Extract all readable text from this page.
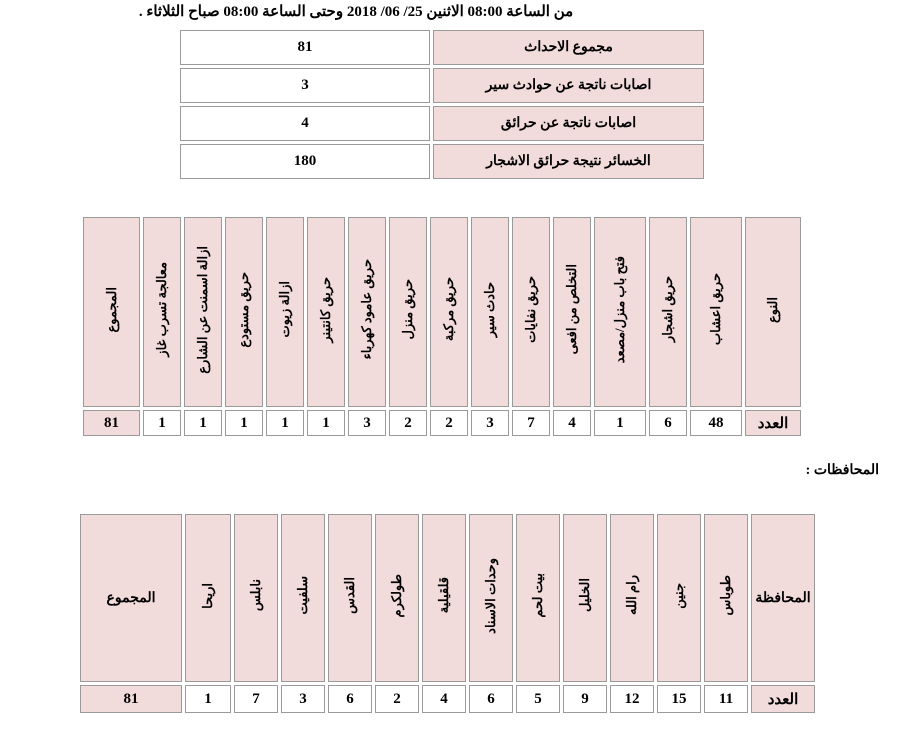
من الساعة 08:00 الاثنين 25/ 06/ 2018 وحتى الساعة 08:00 صباح الثلاثاء .
81	مجموع الاحداث
3	اصابات ناتجة عن حوادث سير
4	اصابات ناتجة عن حرائق
180	الخسائر نتيجة حرائق الاشجار
المجموع	معالجة تسرب غاز	ازالة اسمنت عن الشارع	حريق مستودع	ازالة زيوت	حريق كانتينر	حريق عامود كهرباء	حريق منزل	حريق مركبة	حادث سير	حريق نفايات	التخلص من افعى	فتح باب منزل/مصعد	حريق اشجار	حريق اعشاب	النوع
81	1	1	1	1	1	3	2	2	3	7	4	1	6	48	العدد
المحافظات :
المجموع	اريحا	نابلس	سلفيت	القدس	طولكرم	قلقيلية	وحدات الاسناد	بيت لحم	الخليل	رام الله	جنين	طوباس	المحافظة
81	1	7	3	6	2	4	6	5	9	12	15	11	العدد
